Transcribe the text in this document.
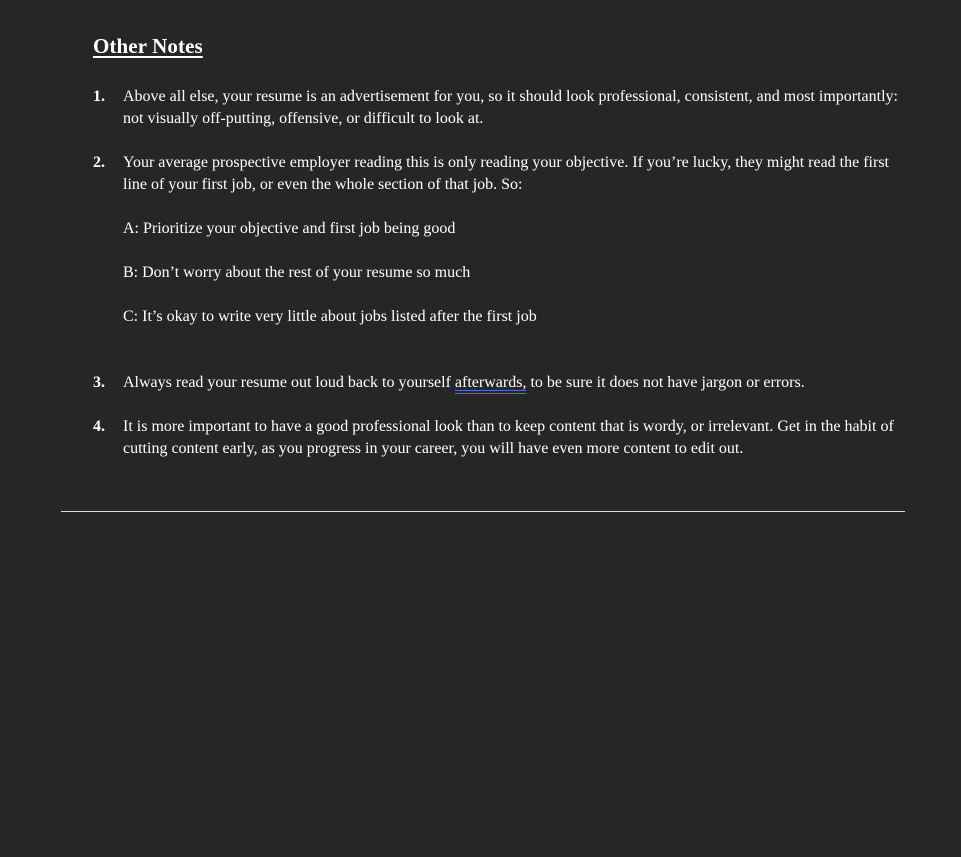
Other Notes
1. Above all else, your resume is an advertisement for you, so it should look professional, consistent, and most importantly: not visually off-putting, offensive, or difficult to look at.

2. Your average prospective employer reading this is only reading your objective. If you’re lucky, they might read the first line of your first job, or even the whole section of that job. So:

A: Prioritize your objective and first job being good
B: Don’t worry about the rest of your resume so much
C: It’s okay to write very little about jobs listed after the first job
3. Always read your resume out loud back to yourself afterwards, to be sure it does not have jargon or errors.

4. It is more important to have a good professional look than to keep content that is wordy, or irrelevant. Get in the habit of cutting content early, as you progress in your career, you will have even more content to edit out.
